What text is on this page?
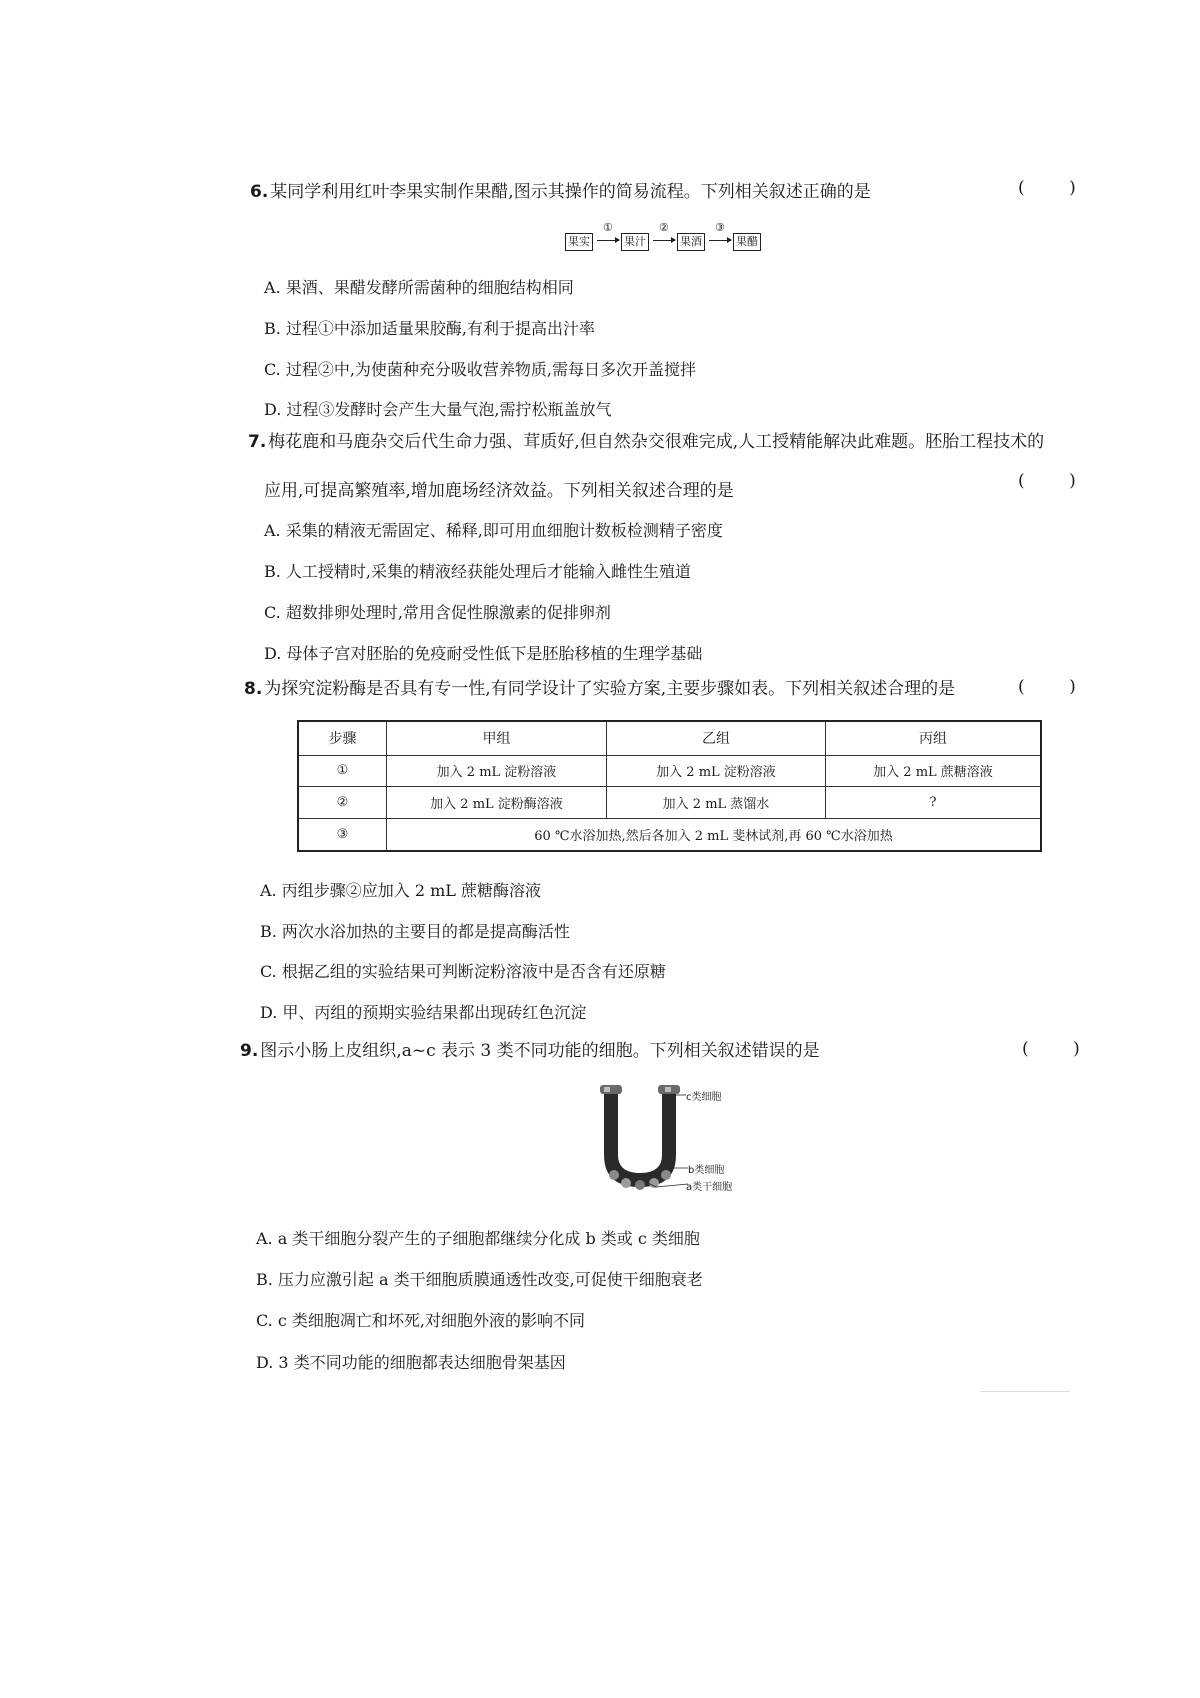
6. 某同学利用红叶李果实制作果醋,图示其操作的简易流程。下列相关叙述正确的是	( )
果实
①
果汁
②
果酒
③
果醋
A. 果酒、果醋发酵所需菌种的细胞结构相同
B. 过程①中添加适量果胶酶,有利于提高出汁率
C. 过程②中,为使菌种充分吸收营养物质,需每日多次开盖搅拌
D. 过程③发酵时会产生大量气泡,需拧松瓶盖放气
7. 梅花鹿和马鹿杂交后代生命力强、茸质好,但自然杂交很难完成,人工授精能解决此难题。胚胎工程技术的
应用,可提高繁殖率,增加鹿场经济效益。下列相关叙述合理的是	( )
A. 采集的精液无需固定、稀释,即可用血细胞计数板检测精子密度
B. 人工授精时,采集的精液经获能处理后才能输入雌性生殖道
C. 超数排卵处理时,常用含促性腺激素的促排卵剂
D. 母体子宫对胚胎的免疫耐受性低下是胚胎移植的生理学基础
8. 为探究淀粉酶是否具有专一性,有同学设计了实验方案,主要步骤如表。下列相关叙述合理的是	( )
步骤	甲组	乙组	丙组
①	加入 2 mL 淀粉溶液	加入 2 mL 淀粉溶液	加入 2 mL 蔗糖溶液
②	加入 2 mL 淀粉酶溶液	加入 2 mL 蒸馏水	?
③	60 ℃水浴加热,然后各加入 2 mL 斐林试剂,再 60 ℃水浴加热		
A. 丙组步骤②应加入 2 mL 蔗糖酶溶液
B. 两次水浴加热的主要目的都是提高酶活性
C. 根据乙组的实验结果可判断淀粉溶液中是否含有还原糖
D. 甲、丙组的预期实验结果都出现砖红色沉淀
9. 图示小肠上皮组织,a~c 表示 3 类不同功能的细胞。下列相关叙述错误的是	( )
c类细胞
b类细胞
a类干细胞
A. a 类干细胞分裂产生的子细胞都继续分化成 b 类或 c 类细胞
B. 压力应激引起 a 类干细胞质膜通透性改变,可促使干细胞衰老
C. c 类细胞凋亡和坏死,对细胞外液的影响不同
D. 3 类不同功能的细胞都表达细胞骨架基因
